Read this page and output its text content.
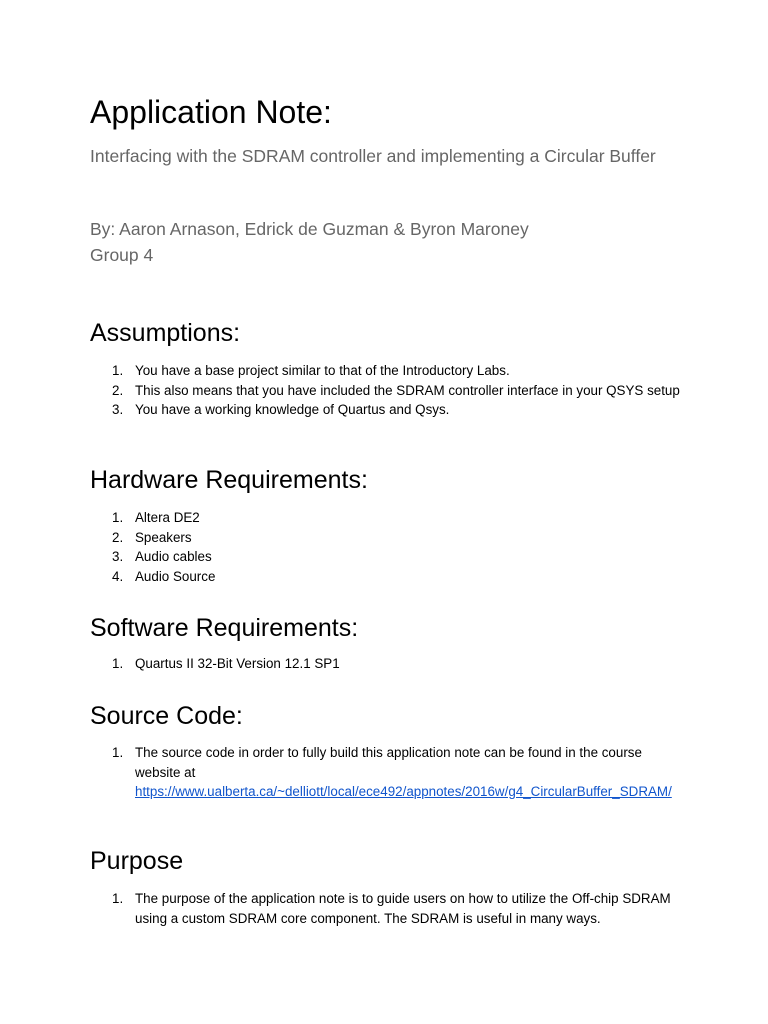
Application Note:
Interfacing with the SDRAM controller and implementing a Circular Buffer
By: Aaron Arnason, Edrick de Guzman & Byron Maroney
Group 4
Assumptions:
1. You have a base project similar to that of the Introductory Labs.
2. This also means that you have included the SDRAM controller interface in your QSYS setup
3. You have a working knowledge of Quartus and Qsys.
Hardware Requirements:
1. Altera DE2
2. Speakers
3. Audio cables
4. Audio Source
Software Requirements:
1. Quartus II 32-Bit Version 12.1 SP1
Source Code:
1. The source code in order to fully build this application note can be found in the course website at
https://www.ualberta.ca/~delliott/local/ece492/appnotes/2016w/g4_CircularBuffer_SDRAM/
Purpose
1. The purpose of the application note is to guide users on how to utilize the Off-chip SDRAM using a custom SDRAM core component. The SDRAM is useful in many ways.
